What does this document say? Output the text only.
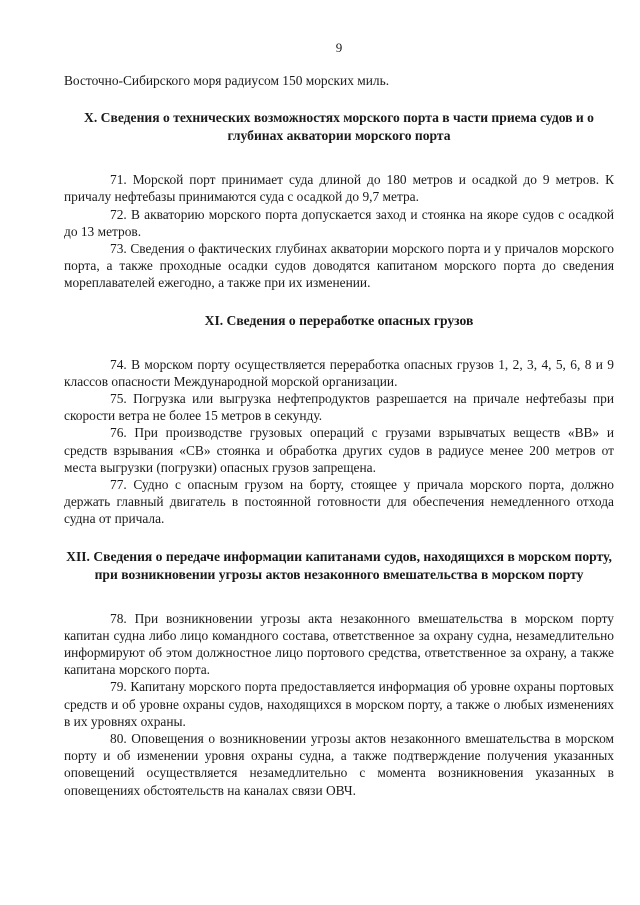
9
Восточно-Сибирского моря радиусом 150 морских миль.
X. Сведения о технических возможностях морского порта в части приема судов и о глубинах акватории морского порта

71. Морской порт принимает суда длиной до 180 метров и осадкой до 9 метров. К причалу нефтебазы принимаются суда с осадкой до 9,7 метра.

72. В акваторию морского порта допускается заход и стоянка на якоре судов с осадкой до 13 метров.

73. Сведения о фактических глубинах акватории морского порта и у причалов морского порта, а также проходные осадки судов доводятся капитаном морского порта до сведения мореплавателей ежегодно, а также при их изменении.

XI. Сведения о переработке опасных грузов

74. В морском порту осуществляется переработка опасных грузов 1, 2, 3, 4, 5, 6, 8 и 9 классов опасности Международной морской организации.

75. Погрузка или выгрузка нефтепродуктов разрешается на причале нефтебазы при скорости ветра не более 15 метров в секунду.

76. При производстве грузовых операций с грузами взрывчатых веществ «ВВ» и средств взрывания «СВ» стоянка и обработка других судов в радиусе менее 200 метров от места выгрузки (погрузки) опасных грузов запрещена.

77. Судно с опасным грузом на борту, стоящее у причала морского порта, должно держать главный двигатель в постоянной готовности для обеспечения немедленного отхода судна от причала.

XII. Сведения о передаче информации капитанами судов, находящихся в морском порту, при возникновении угрозы актов незаконного вмешательства в морском порту

78. При возникновении угрозы акта незаконного вмешательства в морском порту капитан судна либо лицо командного состава, ответственное за охрану судна, незамедлительно информируют об этом должностное лицо портового средства, ответственное за охрану, а также капитана морского порта.

79. Капитану морского порта предоставляется информация об уровне охраны портовых средств и об уровне охраны судов, находящихся в морском порту, а также о любых изменениях в их уровнях охраны.

80. Оповещения о возникновении угрозы актов незаконного вмешательства в морском порту и об изменении уровня охраны судна, а также подтверждение получения указанных оповещений осуществляется незамедлительно с момента возникновения указанных в оповещениях обстоятельств на каналах связи ОВЧ.
